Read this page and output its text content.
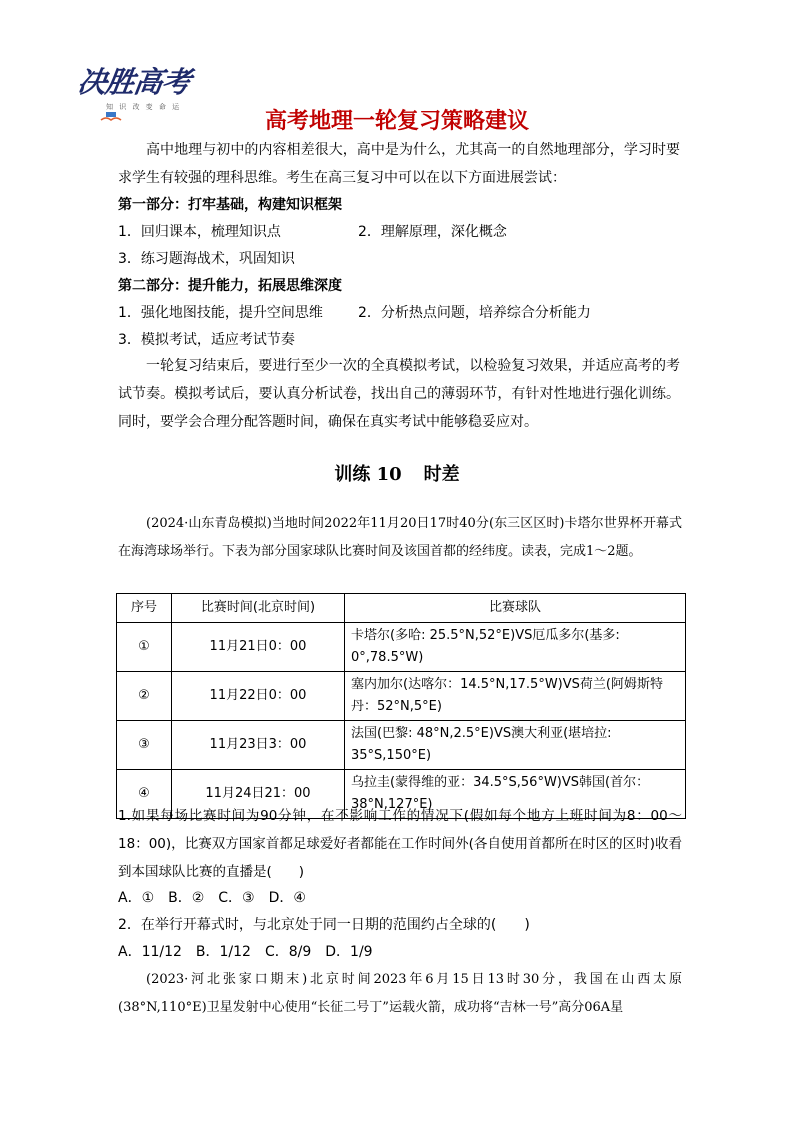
决胜高考
知 识 改 变 命 运
高考地理一轮复习策略建议
高中地理与初中的内容相差很大，高中是为什么，尤其高一的自然地理部分，学习时要求学生有较强的理科思维。考生在高三复习中可以在以下方面进展尝试：
第一部分：打牢基础，构建知识框架
1．回归课本，梳理知识点	2．理解原理，深化概念
3．练习题海战术，巩固知识
第二部分：提升能力，拓展思维深度
1．强化地图技能，提升空间思维	2．分析热点问题，培养综合分析能力
3．模拟考试，适应考试节奏
一轮复习结束后，要进行至少一次的全真模拟考试，以检验复习效果，并适应高考的考试节奏。模拟考试后，要认真分析试卷，找出自己的薄弱环节，有针对性地进行强化训练。同时，要学会合理分配答题时间，确保在真实考试中能够稳妥应对。
训练 10 时差
(2024·山东青岛模拟)当地时间2022年11月20日17时40分(东三区区时)卡塔尔世界杯开幕式在海湾球场举行。下表为部分国家球队比赛时间及该国首都的经纬度。读表，完成1～2题。
序号	比赛时间(北京时间)	比赛球队
①	11月21日0：00	卡塔尔(多哈: 25.5°N,52°E)VS厄瓜多尔(基多: 0°,78.5°W)
②	11月22日0：00	塞内加尔(达喀尔：14.5°N,17.5°W)VS荷兰(阿姆斯特丹：52°N,5°E)
③	11月23日3：00	法国(巴黎: 48°N,2.5°E)VS澳大利亚(堪培拉: 35°S,150°E)
④	11月24日21：00	乌拉圭(蒙得维的亚：34.5°S,56°W)VS韩国(首尔：38°N,127°E)
1.如果每场比赛时间为90分钟，在不影响工作的情况下(假如每个地方上班时间为8：00～18：00)，比赛双方国家首都足球爱好者都能在工作时间外(各自使用首都所在时区的区时)收看到本国球队比赛的直播是(　　)
A．①　B．②　C．③　D．④
2．在举行开幕式时，与北京处于同一日期的范围约占全球的(　　)
A．11/12　B．1/12　C．8/9　D．1/9
(2023·河北张家口期末)北京时间2023年6月15日13时30分，我国在山西太原(38°N,110°E)卫星发射中心使用“长征二号丁”运载火箭，成功将“吉林一号”高分06A星
